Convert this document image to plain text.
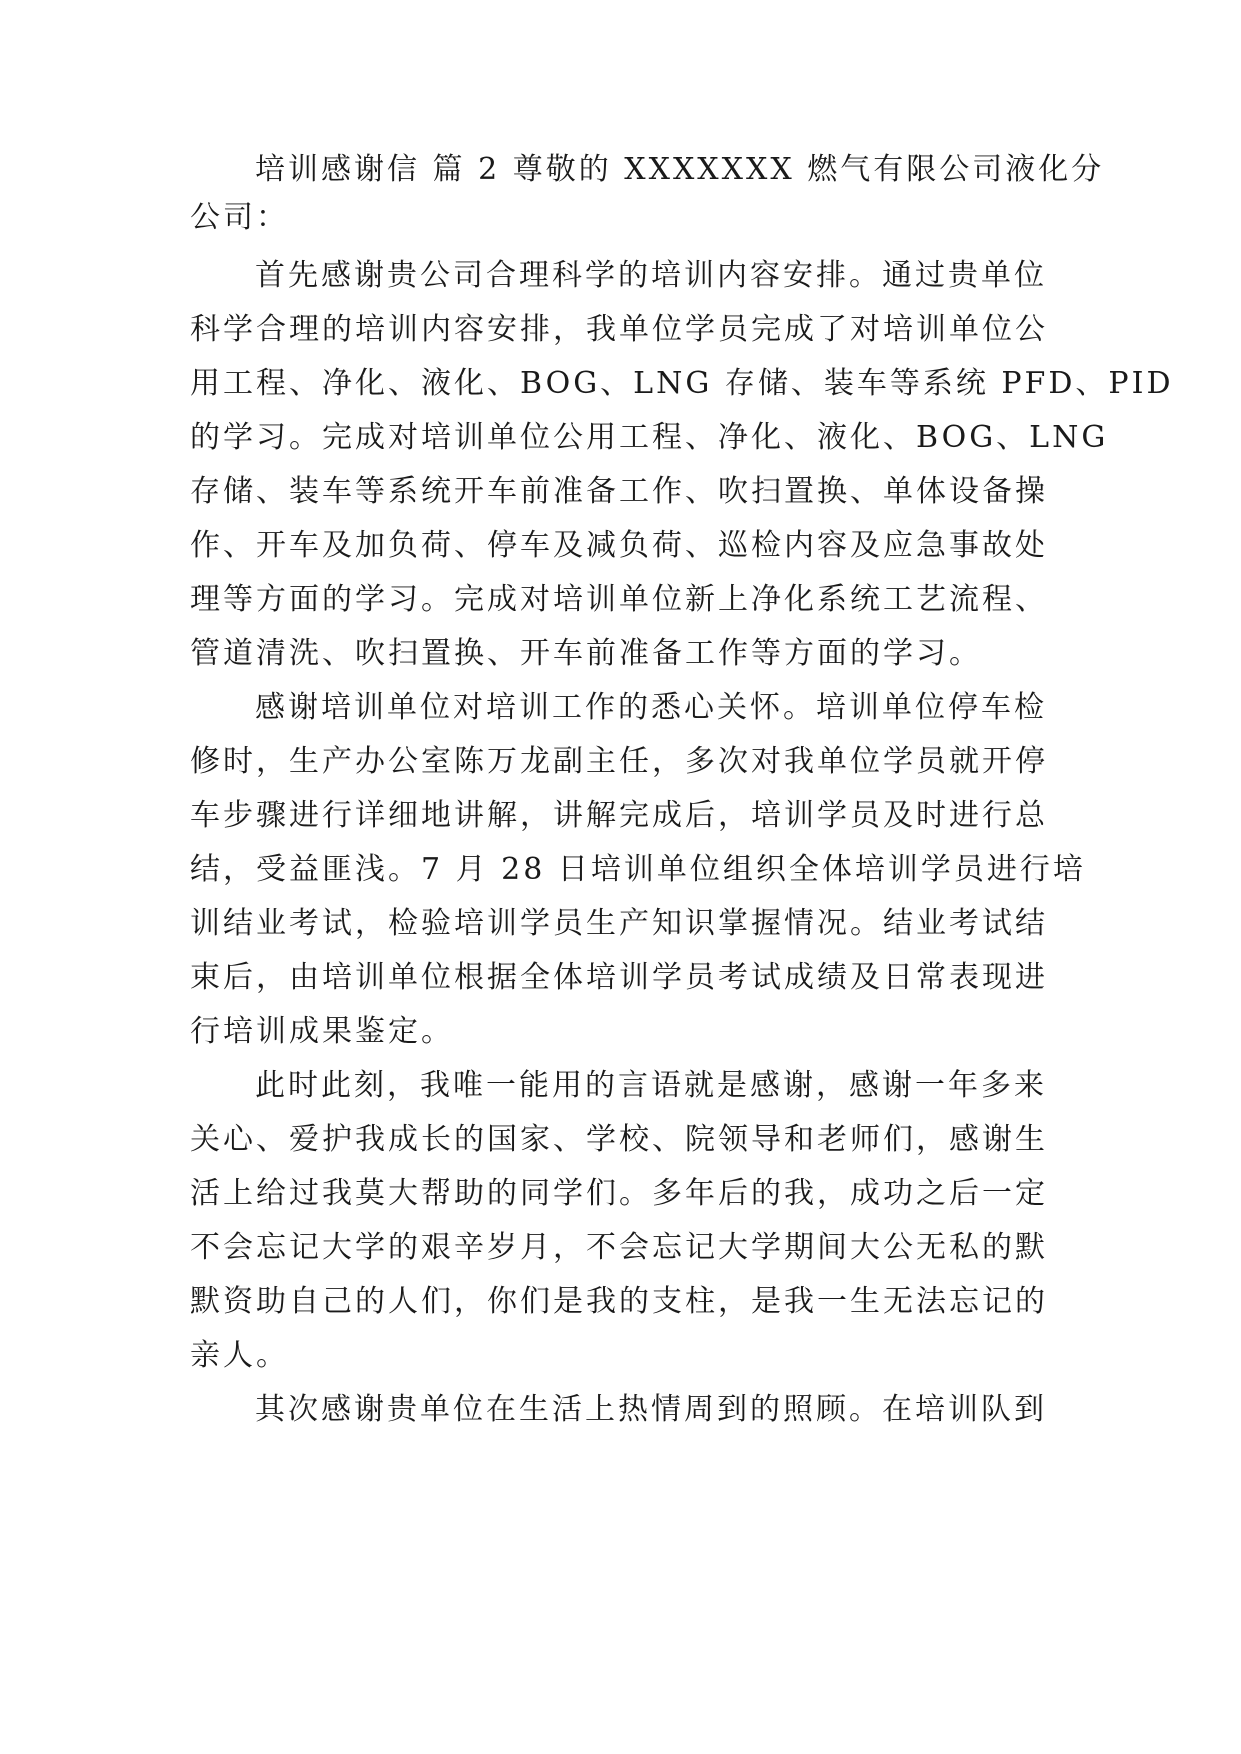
培训感谢信 篇 2 尊敬的 XXXXXXX 燃气有限公司液化分

公司：

首先感谢贵公司合理科学的培训内容安排。通过贵单位

科学合理的培训内容安排，我单位学员完成了对培训单位公

用工程、净化、液化、BOG、LNG 存储、装车等系统 PFD、PID

的学习。完成对培训单位公用工程、净化、液化、BOG、LNG

存储、装车等系统开车前准备工作、吹扫置换、单体设备操

作、开车及加负荷、停车及减负荷、巡检内容及应急事故处

理等方面的学习。完成对培训单位新上净化系统工艺流程、

管道清洗、吹扫置换、开车前准备工作等方面的学习。

感谢培训单位对培训工作的悉心关怀。培训单位停车检

修时，生产办公室陈万龙副主任，多次对我单位学员就开停

车步骤进行详细地讲解，讲解完成后，培训学员及时进行总

结，受益匪浅。7 月 28 日培训单位组织全体培训学员进行培

训结业考试，检验培训学员生产知识掌握情况。结业考试结

束后，由培训单位根据全体培训学员考试成绩及日常表现进

行培训成果鉴定。

此时此刻，我唯一能用的言语就是感谢，感谢一年多来

关心、爱护我成长的国家、学校、院领导和老师们，感谢生

活上给过我莫大帮助的同学们。多年后的我，成功之后一定

不会忘记大学的艰辛岁月，不会忘记大学期间大公无私的默

默资助自己的人们，你们是我的支柱，是我一生无法忘记的

亲人。

其次感谢贵单位在生活上热情周到的照顾。在培训队到
